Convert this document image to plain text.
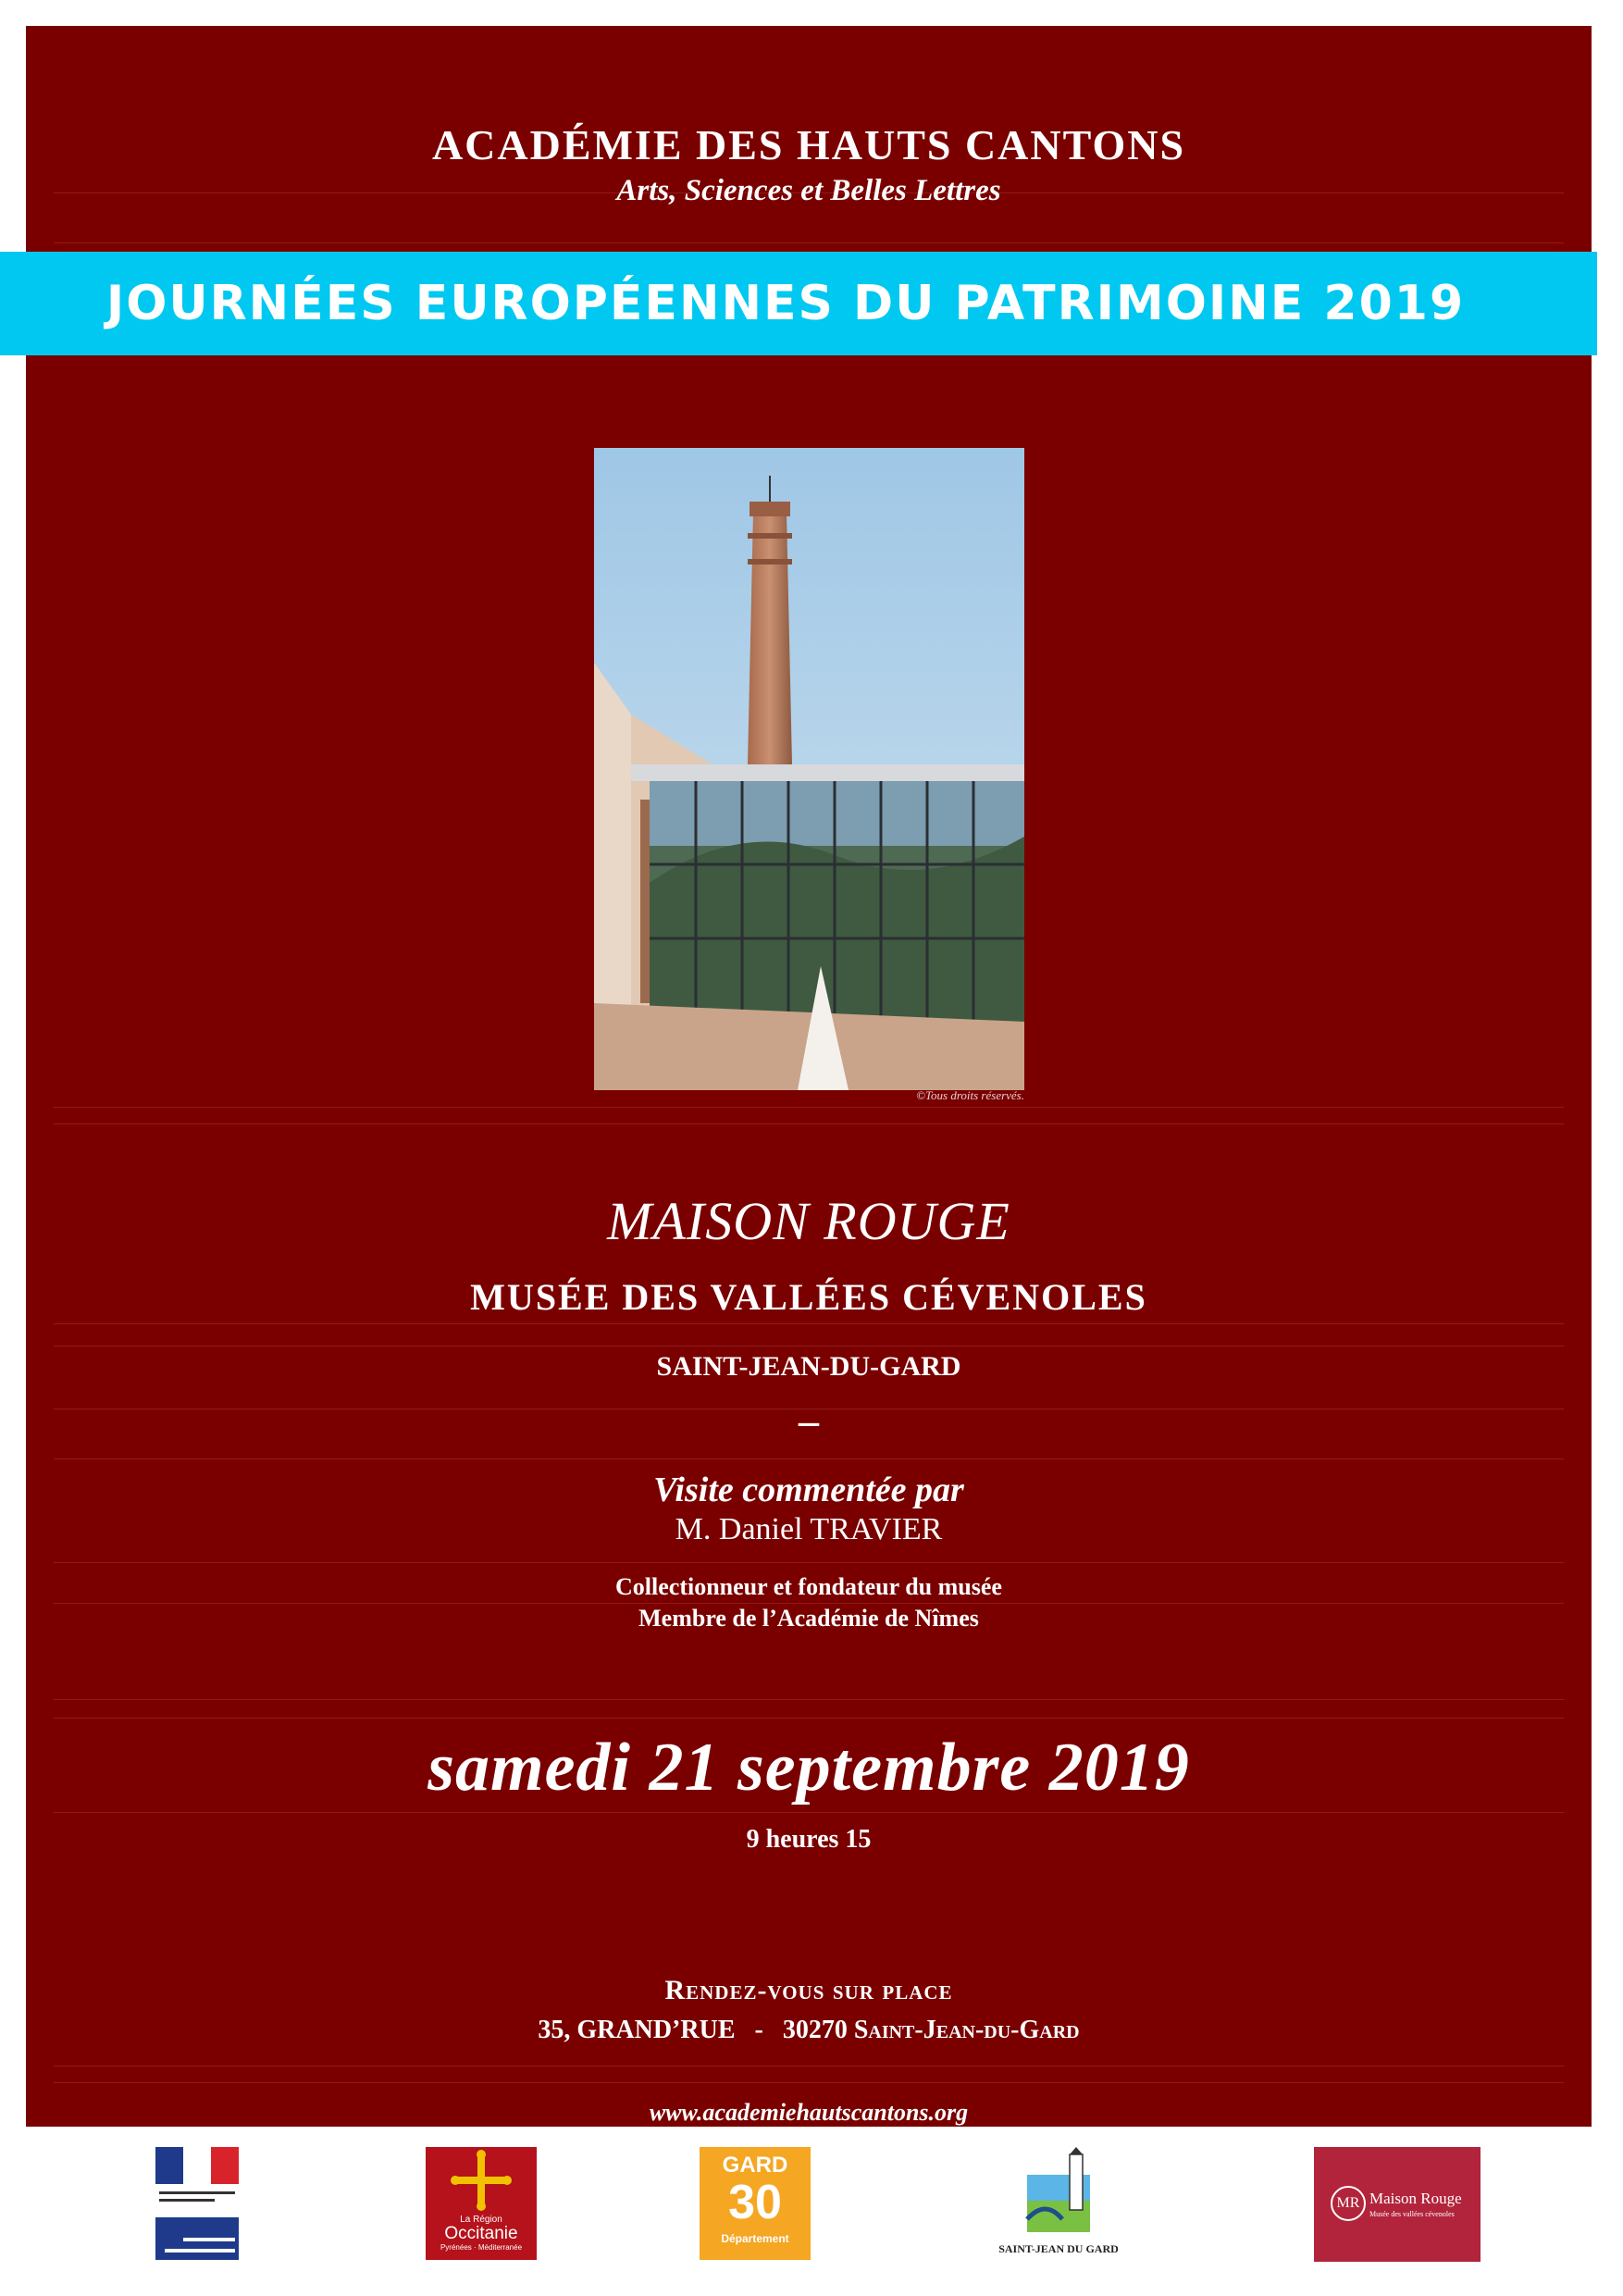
ACADÉMIE DES HAUTS CANTONS
Arts, Sciences et Belles Lettres
©Tous droits réservés.
MAISON ROUGE
MUSÉE DES VALLÉES CÉVENOLES
SAINT-JEAN-DU-GARD
–
Visite commentée par
M. Daniel TRAVIER
Collectionneur et fondateur du musée
Membre de l’Académie de Nîmes
samedi 21 septembre 2019
9 heures 15
Rendez-vous sur place
35, GRAND’RUE   -   30270 Saint-Jean-du-Gard
www.academiehautscantons.org
JOURNÉES EUROPÉENNES DU PATRIMOINE 2019
La Région
Occitanie
Pyrénées · Méditerranée
GARD
30
Département
SAINT-JEAN DU GARD
MR Maison Rouge
Musée des vallées cévenoles
